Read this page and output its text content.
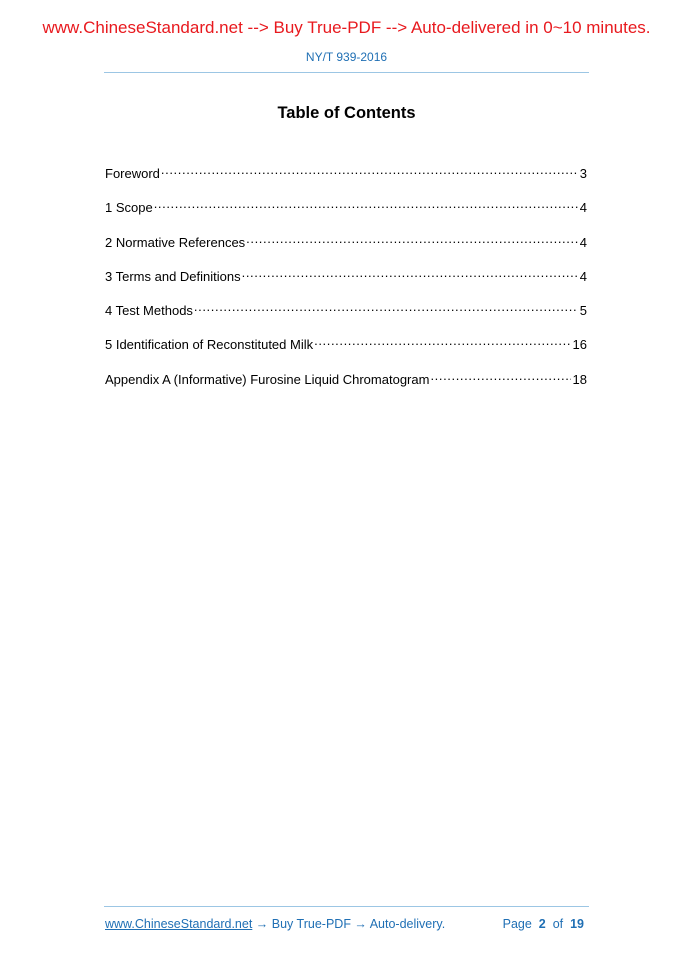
www.ChineseStandard.net --> Buy True-PDF --> Auto-delivered in 0~10 minutes.
NY/T 939-2016
Table of Contents
Foreword .....	3
1 Scope .....	4
2 Normative References .....	4
3 Terms and Definitions .....	4
4 Test Methods .....	5
5 Identification of Reconstituted Milk .....	16
Appendix A (Informative) Furosine Liquid Chromatogram .....	18
www.ChineseStandard.net → Buy True-PDF → Auto-delivery.	Page 2 of 19
